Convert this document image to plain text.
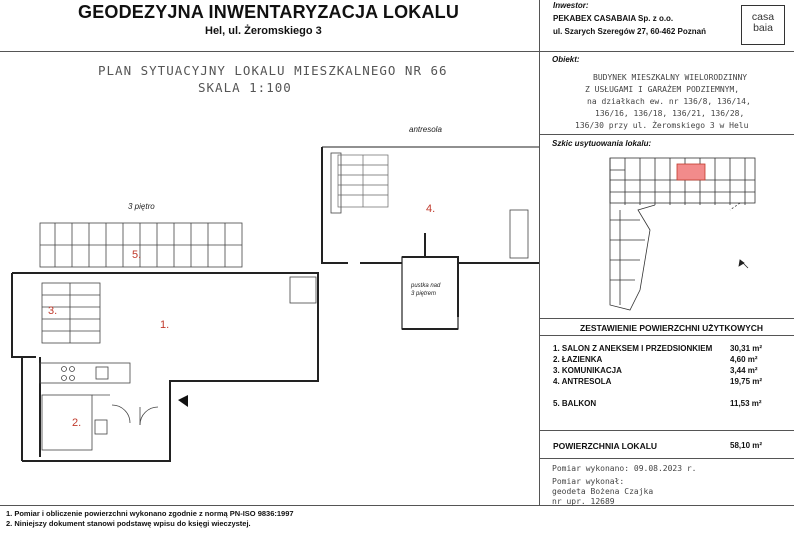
GEODEZYJNA INWENTARYZACJA LOKALU
Hel, ul. Żeromskiego 3
PLAN SYTUACYJNY LOKALU MIESZKALNEGO NR 66
SKALA 1:100
Inwestor:
PEKABEX CASABAIA Sp. z o.o.
ul. Szarych Szeregów 27, 60-462 Poznań
casa
baia
Obiekt:
BUDYNEK MIESZKALNY WIELORODZINNY
Z USŁUGAMI I GARAŻEM PODZIEMNYM,
na działkach ew. nr 136/8, 136/14,
136/16, 136/18, 136/21, 136/28,
136/30 przy ul. Żeromskiego 3 w Helu
Szkic usytuowania lokalu:
ZESTAWIENIE POWIERZCHNI UŻYTKOWYCH
1. SALON Z ANEKSEM I PRZEDSIONKIEM 30,31 m²
2. ŁAZIENKA	4,60 m²
3. KOMUNIKACJA	3,44 m²
4. ANTRESOLA	19,75 m²
5. BALKON	11,53 m²
POWIERZCHNIA LOKALU	58,10 m²
Pomiar wykonano: 09.08.2023 r.
Pomiar wykonał:
geodeta Bożena Czajka
nr upr. 12689
1. Pomiar i obliczenie powierzchni wykonano zgodnie z normą PN-ISO 9836:1997
2. Niniejszy dokument stanowi podstawę wpisu do księgi wieczystej.
antresola
3 piętro
pustka nad
3 piętrem
4.
5.
1.
3.
2.
